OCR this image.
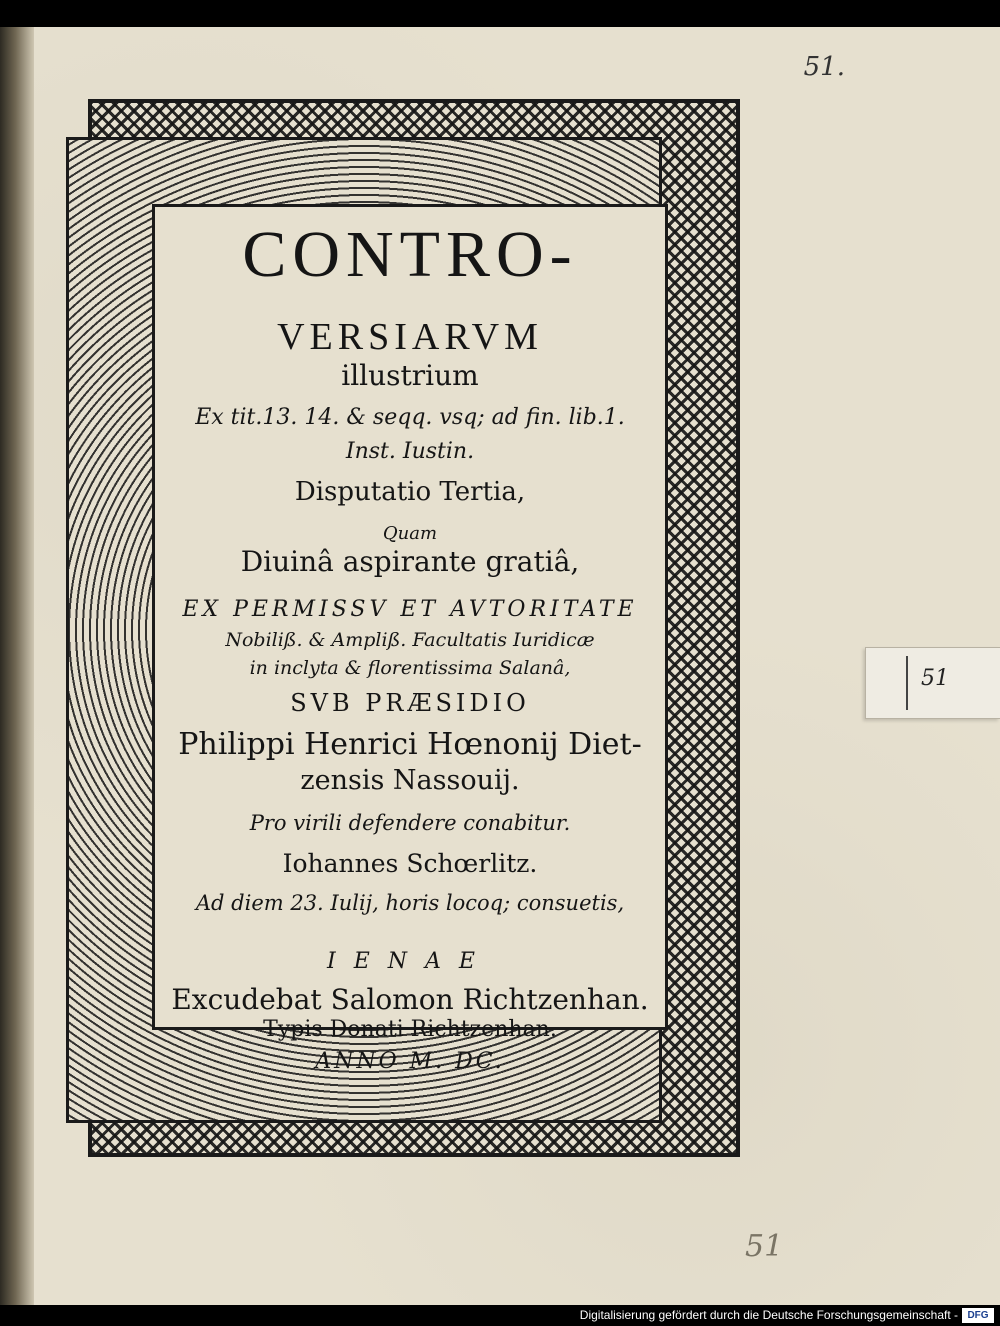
51.
51
51
CONTRO-
VERSIARVM
illustrium
Ex tit.13. 14. & seqq. vsq; ad fin. lib.1.
Inst. Iustin.
Disputatio Tertia,
Quam
Diuinâ aspirante gratiâ,
EX PERMISSV ET AVTORITATE
Nobiliß. & Ampliß. Facultatis Iuridicæ
in inclyta & florentissima Salanâ,
SVB PRÆSIDIO
Philippi Henrici Hœnonij Diet-
zensis Nassouij.
Pro virili defendere conabitur.
Iohannes Schœrlitz.
Ad diem 23. Iulij, horis locoq; consuetis,
IENAE
Excudebat Salomon Richtzenhan.
Typis Donati Richtzenhan.
ANNO M. DC.
Digitalisierung gefördert durch die Deutsche Forschungsgemeinschaft - DFG
